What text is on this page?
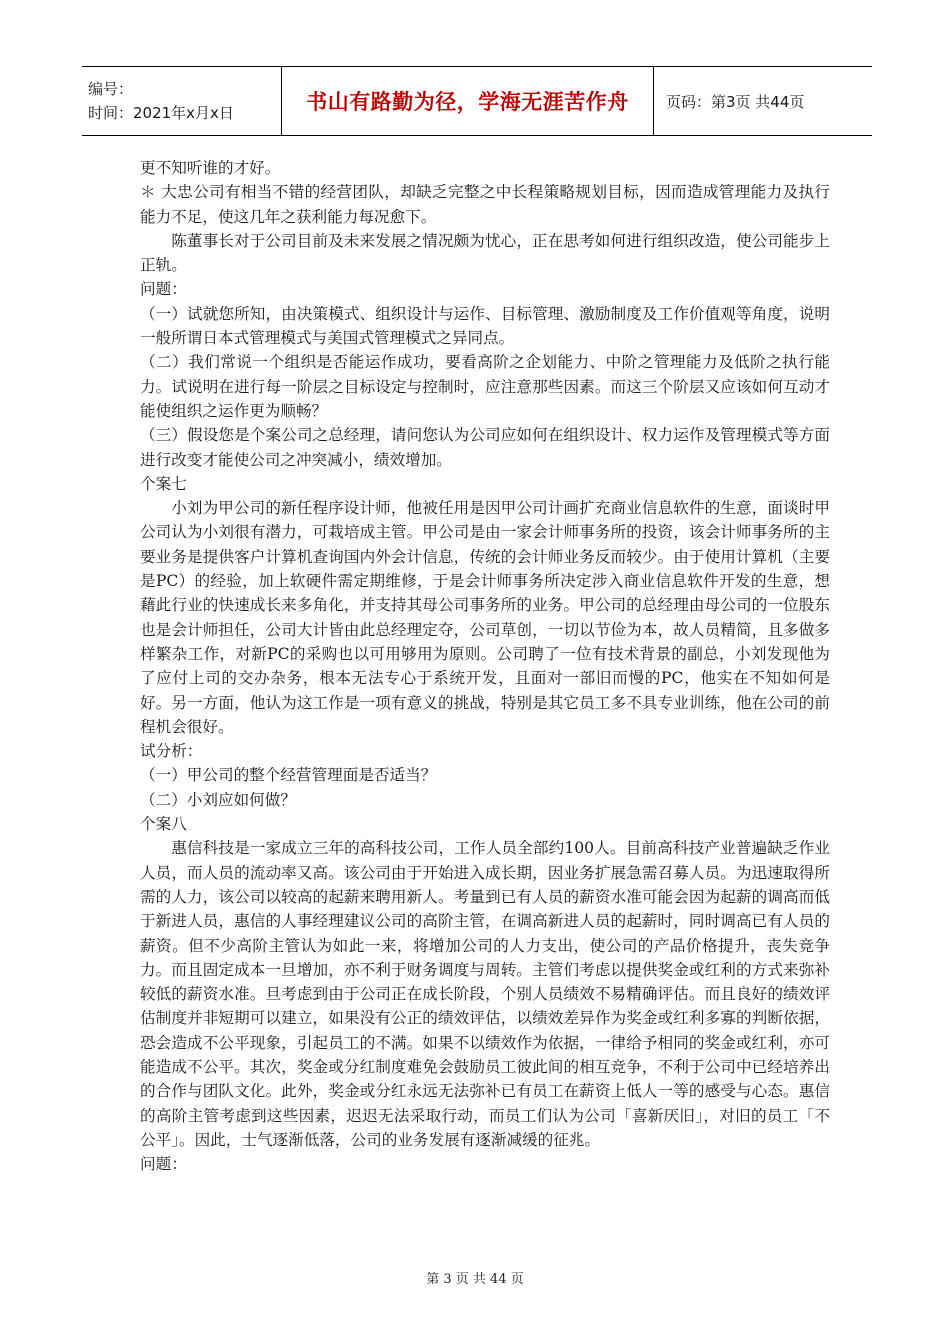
编号：
时间：2021年x月x日	书山有路勤为径，学海无涯苦作舟	页码：第3页 共44页

更不知听谁的才好。

＊ 大忠公司有相当不错的经营团队，却缺乏完整之中长程策略规划目标，因而造成管理能力及执行能力不足，使这几年之获利能力每况愈下。

陈董事长对于公司目前及未来发展之情况颇为忧心，正在思考如何进行组织改造，使公司能步上正轨。

问题：

（一）试就您所知，由决策模式、组织设计与运作、目标管理、激励制度及工作价值观等角度，说明一般所谓日本式管理模式与美国式管理模式之异同点。

（二）我们常说一个组织是否能运作成功，要看高阶之企划能力、中阶之管理能力及低阶之执行能力。试说明在进行每一阶层之目标设定与控制时，应注意那些因素。而这三个阶层又应该如何互动才能使组织之运作更为顺畅？

（三）假设您是个案公司之总经理，请问您认为公司应如何在组织设计、权力运作及管理模式等方面进行改变才能使公司之冲突减小，绩效增加。

个案七

小刘为甲公司的新任程序设计师，他被任用是因甲公司计画扩充商业信息软件的生意，面谈时甲公司认为小刘很有潜力，可栽培成主管。甲公司是由一家会计师事务所的投资，该会计师事务所的主要业务是提供客户计算机查询国内外会计信息，传统的会计师业务反而较少。由于使用计算机（主要是PC）的经验，加上软硬件需定期维修，于是会计师事务所决定涉入商业信息软件开发的生意，想藉此行业的快速成长来多角化，并支持其母公司事务所的业务。甲公司的总经理由母公司的一位股东也是会计师担任，公司大计皆由此总经理定夺，公司草创，一切以节俭为本，故人员精简，且多做多样繁杂工作，对新PC的采购也以可用够用为原则。公司聘了一位有技术背景的副总，小刘发现他为了应付上司的交办杂务，根本无法专心于系统开发，且面对一部旧而慢的PC，他实在不知如何是好。另一方面，他认为这工作是一项有意义的挑战，特别是其它员工多不具专业训练，他在公司的前程机会很好。

试分析：

（一）甲公司的整个经营管理面是否适当？

（二）小刘应如何做？

个案八

惠信科技是一家成立三年的高科技公司，工作人员全部约100人。目前高科技产业普遍缺乏作业人员，而人员的流动率又高。该公司由于开始进入成长期，因业务扩展急需召募人员。为迅速取得所需的人力，该公司以较高的起薪来聘用新人。考量到已有人员的薪资水准可能会因为起薪的调高而低于新进人员，惠信的人事经理建议公司的高阶主管，在调高新进人员的起薪时，同时调高已有人员的薪资。但不少高阶主管认为如此一来，将增加公司的人力支出，使公司的产品价格提升，丧失竞争力。而且固定成本一旦增加，亦不利于财务调度与周转。主管们考虑以提供奖金或红利的方式来弥补较低的薪资水准。旦考虑到由于公司正在成长阶段，个别人员绩效不易精确评估。而且良好的绩效评估制度并非短期可以建立，如果没有公正的绩效评估，以绩效差异作为奖金或红利多寡的判断依据，恐会造成不公平现象，引起员工的不满。如果不以绩效作为依据，一律给予相同的奖金或红利，亦可能造成不公平。其次，奖金或分红制度难免会鼓励员工彼此间的相互竞争，不利于公司中已经培养出的合作与团队文化。此外，奖金或分红永远无法弥补已有员工在薪资上低人一等的感受与心态。惠信的高阶主管考虑到这些因素，迟迟无法采取行动，而员工们认为公司「喜新厌旧」，对旧的员工「不公平」。因此，士气逐渐低落，公司的业务发展有逐渐减缓的征兆。

问题：

第 3 页 共 44 页
